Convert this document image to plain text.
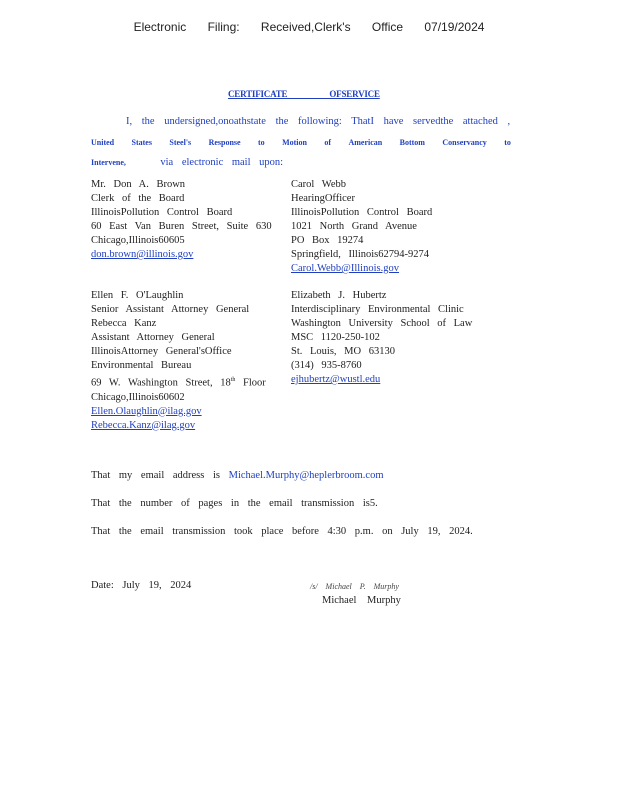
Electronic Filing: Received,Clerk's Office 07/19/2024
CERTIFICATE OFSERVICE
I, the undersigned,onoathstate the following: ThatI have servedthe attached ,
United States Steel's Response to Motion of American Bottom Conservancy to
Intervene,	via electronic mail upon:
Mr. Don A. Brown
Clerk of the Board
IllinoisPollution Control Board
60 East Van Buren Street, Suite 630
Chicago,Illinois60605
don.brown@illinois.gov
Carol Webb
HearingOfficer
IllinoisPollution Control Board
1021 North Grand Avenue
PO Box 19274
Springfield, Illinois62794-9274
Carol.Webb@Illinois.gov
Ellen F. O'Laughlin
Senior Assistant Attorney General
Rebecca Kanz
Assistant Attorney General
IllinoisAttorney General'sOffice
Environmental Bureau
69 W. Washington Street, 18th Floor
Chicago,Illinois60602
Ellen.Olaughlin@ilag.gov
Rebecca.Kanz@ilag.gov
Elizabeth J. Hubertz
Interdisciplinary Environmental Clinic
Washington University School of Law
MSC 1120-250-102
St. Louis, MO 63130
(314) 935-8760
ejhubertz@wustl.edu
That my email address is Michael.Murphy@heplerbroom.com
That the number of pages in the email transmission is5.
That the email transmission took place before 4:30 p.m. on July 19, 2024.
Date: July 19, 2024	/s/ Michael P. Murphy
Michael Murphy
